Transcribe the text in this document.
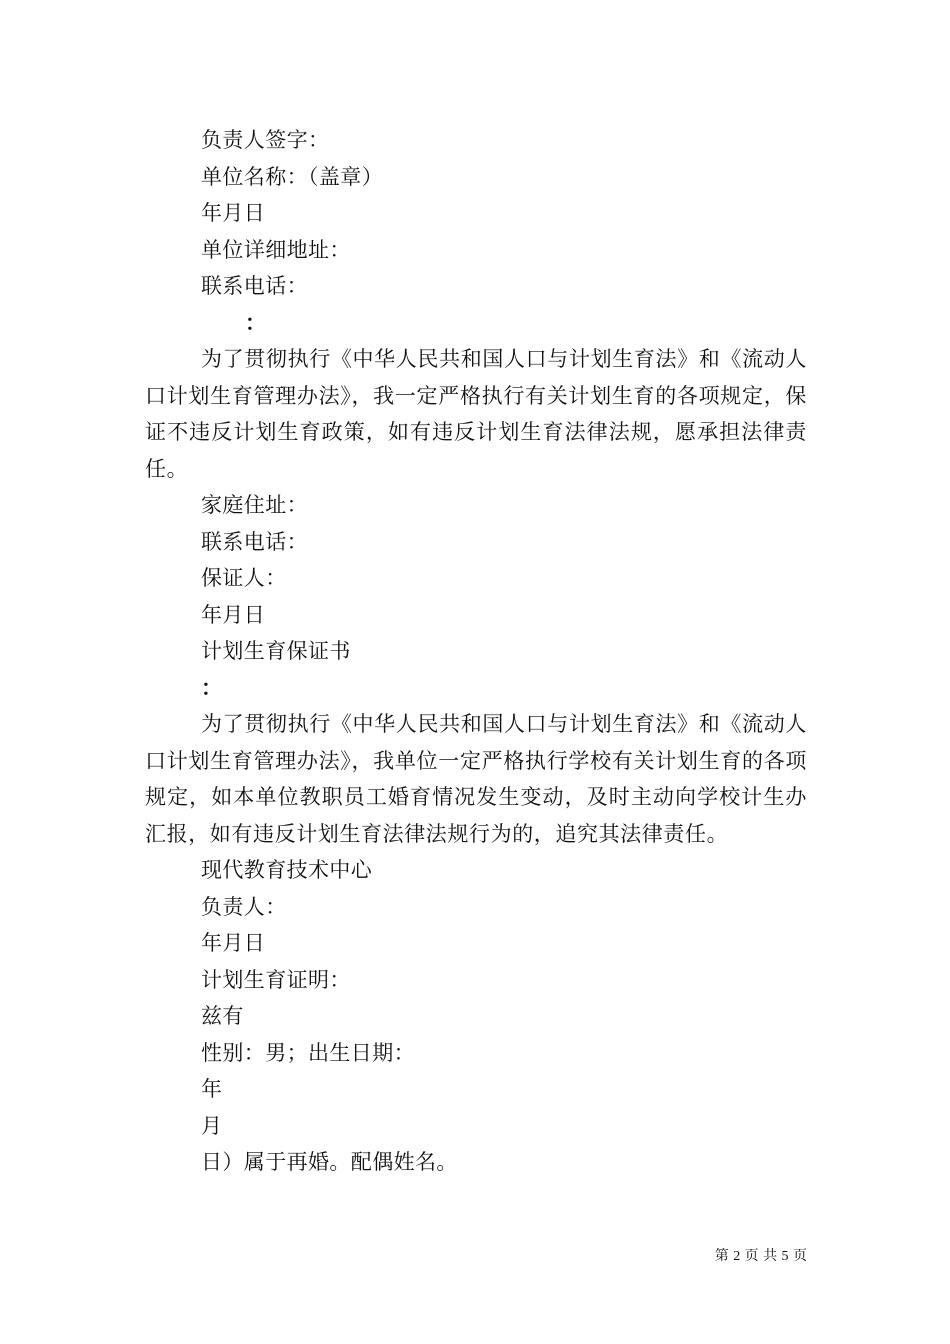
负责人签字：
单位名称：（盖章）
年月日
单位详细地址：
联系电话：
：
为了贯彻执行《中华人民共和国人口与计划生育法》和《流动人口计划生育管理办法》，我一定严格执行有关计划生育的各项规定，保证不违反计划生育政策，如有违反计划生育法律法规，愿承担法律责任。
家庭住址：
联系电话：
保证人：
年月日
计划生育保证书
：
为了贯彻执行《中华人民共和国人口与计划生育法》和《流动人口计划生育管理办法》，我单位一定严格执行学校有关计划生育的各项规定，如本单位教职员工婚育情况发生变动，及时主动向学校计生办汇报，如有违反计划生育法律法规行为的，追究其法律责任。
现代教育技术中心
负责人：
年月日
计划生育证明：
兹有
性别：男；出生日期：
年
月
日）属于再婚。配偶姓名。
第 2 页 共 5 页
